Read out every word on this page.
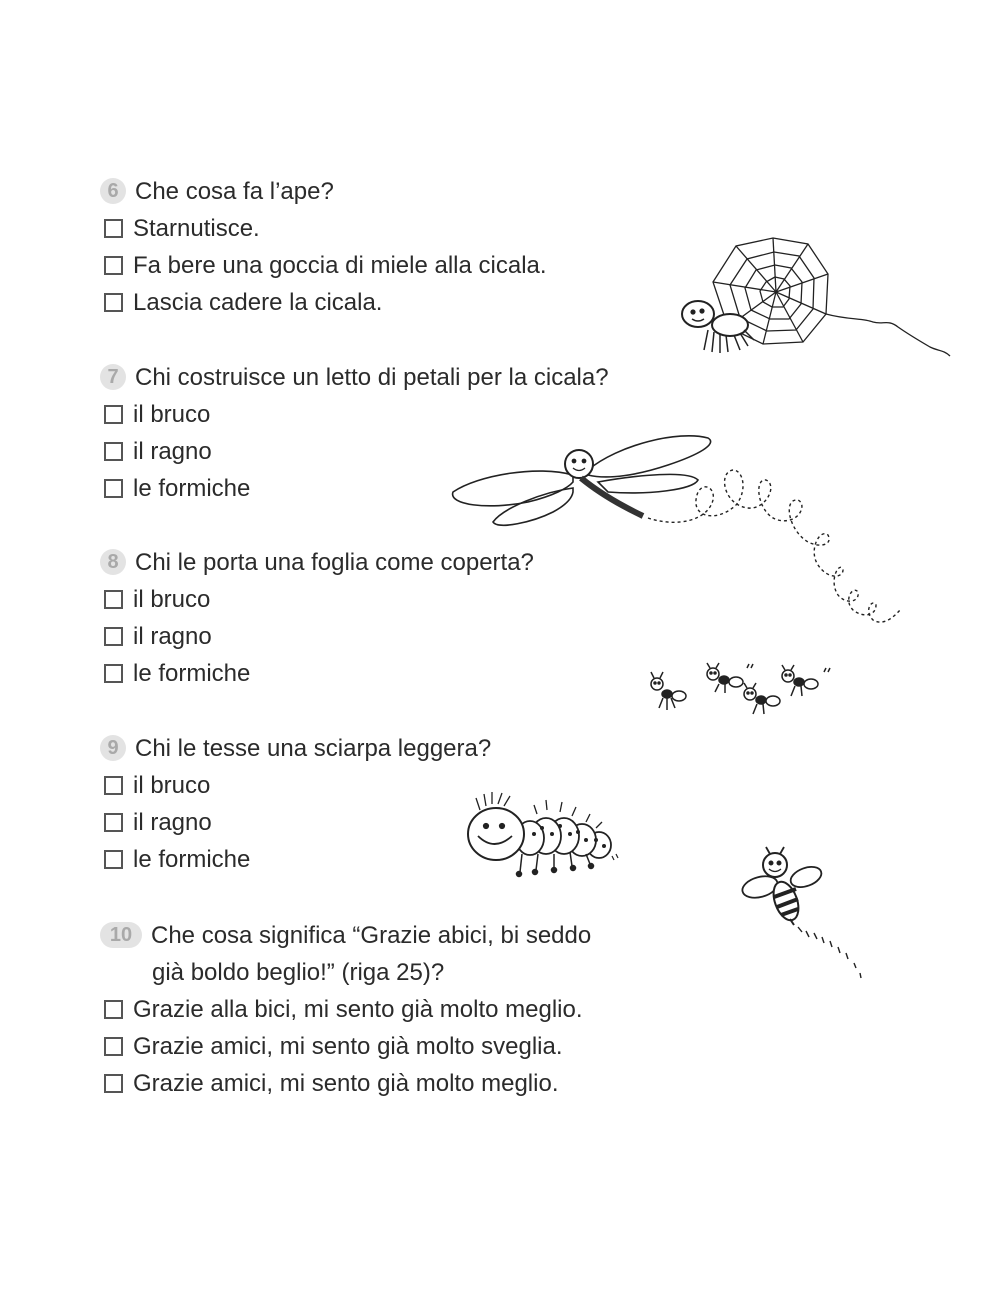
6 Che cosa fa l’ape?
Starnutisce.
Fa bere una goccia di miele alla cicala.
Lascia cadere la cicala.
7 Chi costruisce un letto di petali per la cicala?
il bruco
il ragno
le formiche
8 Chi le porta una foglia come coperta?
il bruco
il ragno
le formiche
9 Chi le tesse una sciarpa leggera?
il bruco
il ragno
le formiche
10 Che cosa significa “Grazie abici, bi seddo
già boldo beglio!” (riga 25)?
Grazie alla bici, mi sento già molto meglio.
Grazie amici, mi sento già molto sveglia.
Grazie amici, mi sento già molto meglio.
